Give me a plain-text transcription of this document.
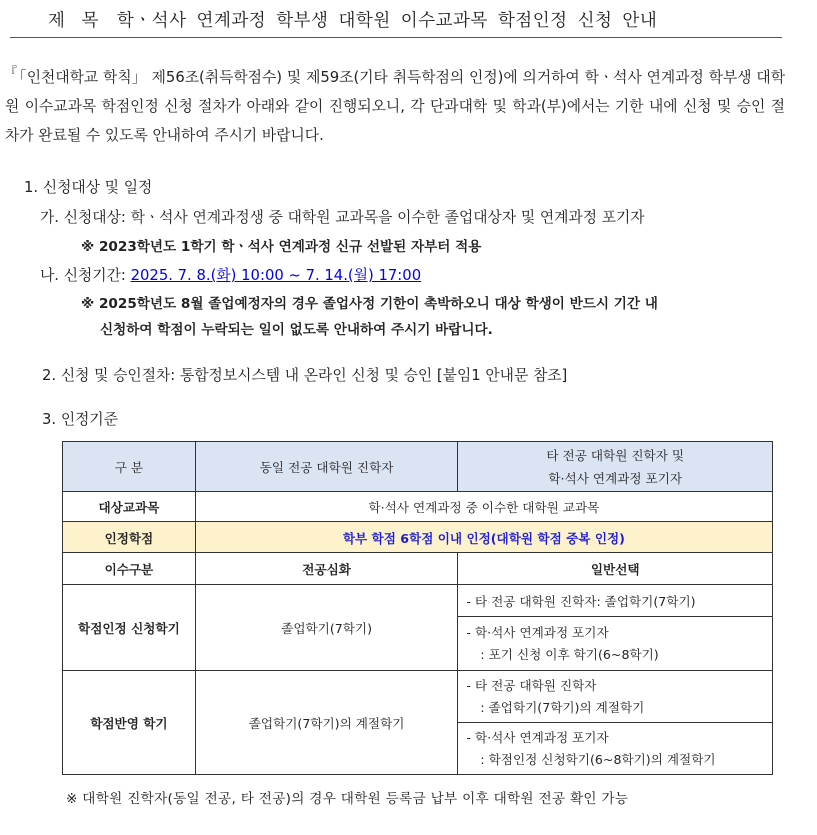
제 목 학ㆍ석사 연계과정 학부생 대학원 이수교과목 학점인정 신청 안내
『 「인천대학교 학칙」 제56조(취득학점수) 및 제59조(기타 취득학점의 인정)에 의거하여 학ㆍ석사 연계과정 학부생 대학원 이수교과목 학점인정 신청 절차가 아래와 같이 진행되오니, 각 단과대학 및 학과(부)에서는 기한 내에 신청 및 승인 절차가 완료될 수 있도록 안내하여 주시기 바랍니다.
1. 신청대상 및 일정
가. 신청대상: 학ㆍ석사 연계과정생 중 대학원 교과목을 이수한 졸업대상자 및 연계과정 포기자
※ 2023학년도 1학기 학ㆍ석사 연계과정 신규 선발된 자부터 적용
나. 신청기간: 2025. 7. 8.(화) 10:00 ~ 7. 14.(월) 17:00
※ 2025학년도 8월 졸업예정자의 경우 졸업사정 기한이 촉박하오니 대상 학생이 반드시 기간 내
신청하여 학점이 누락되는 일이 없도록 안내하여 주시기 바랍니다.
2. 신청 및 승인절차: 통합정보시스템 내 온라인 신청 및 승인 [붙임1 안내문 참조]
3. 인정기준
구 분	동일 전공 대학원 진학자	타 전공 대학원 진학자 및
학·석사 연계과정 포기자
대상교과목	학·석사 연계과정 중 이수한 대학원 교과목	
인정학점	학부 학점 6학점 이내 인정(대학원 학점 중복 인정)	
이수구분	전공심화	일반선택
학점인정 신청학기	졸업학기(7학기)	- 타 전공 대학원 진학자: 졸업학기(7학기)
		- 학·석사 연계과정 포기자
: 포기 신청 이후 학기(6~8학기)

학점반영 학기	졸업학기(7학기)의 계절학기	- 타 전공 대학원 진학자
: 졸업학기(7학기)의 계절학기

		- 학·석사 연계과정 포기자
: 학점인정 신청학기(6~8학기)의 계절학기
※ 대학원 진학자(동일 전공, 타 전공)의 경우 대학원 등록금 납부 이후 대학원 전공 확인 가능
